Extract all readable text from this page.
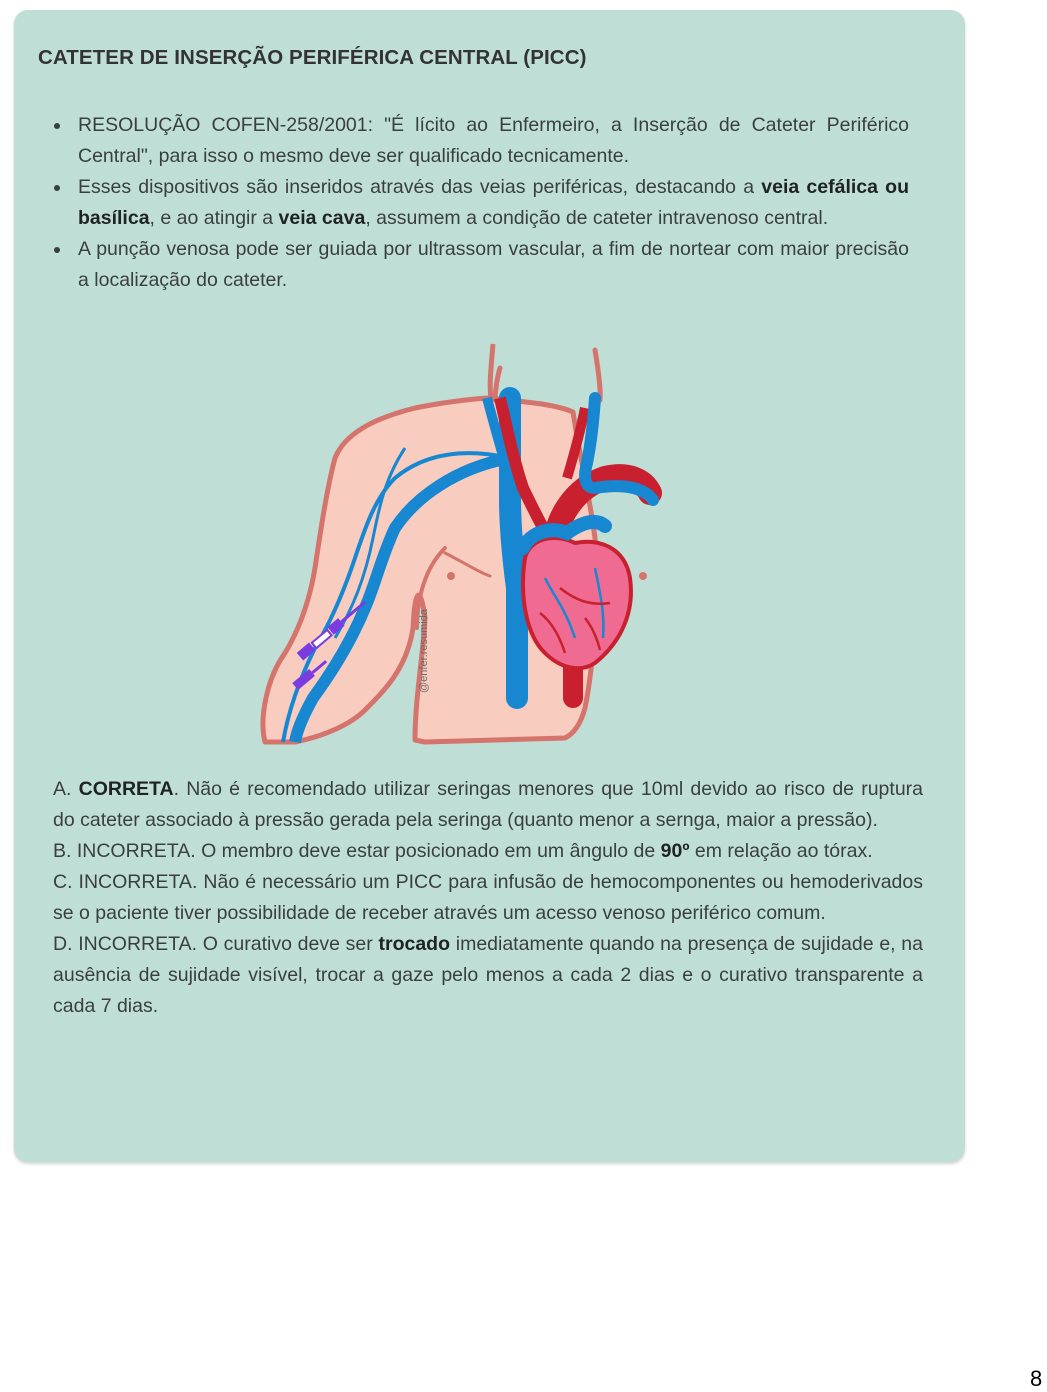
CATETER DE INSERÇÃO PERIFÉRICA CENTRAL (PICC)
RESOLUÇÃO COFEN-258/2001: "É lícito ao Enfermeiro, a Inserção de Cateter Periférico Central", para isso o mesmo deve ser qualificado tecnicamente.
Esses dispositivos são inseridos através das veias periféricas, destacando a veia cefálica ou basílica, e ao atingir a veia cava, assumem a condição de cateter intravenoso central.
A punção venosa pode ser guiada por ultrassom vascular, a fim de nortear com maior precisão a localização do cateter.
@enfer.resumida

A. CORRETA. Não é recomendado utilizar seringas menores que 10ml devido ao risco de ruptura do cateter associado à pressão gerada pela seringa (quanto menor a sernga, maior a pressão).

B. INCORRETA. O membro deve estar posicionado em um ângulo de 90º em relação ao tórax.

C. INCORRETA. Não é necessário um PICC para infusão de hemocomponentes ou hemoderivados se o paciente tiver possibilidade de receber através um acesso venoso periférico comum.

D. INCORRETA. O curativo deve ser trocado imediatamente quando na presença de sujidade e, na ausência de sujidade visível, trocar a gaze pelo menos a cada 2 dias e o curativo transparente a cada 7 dias.

8
